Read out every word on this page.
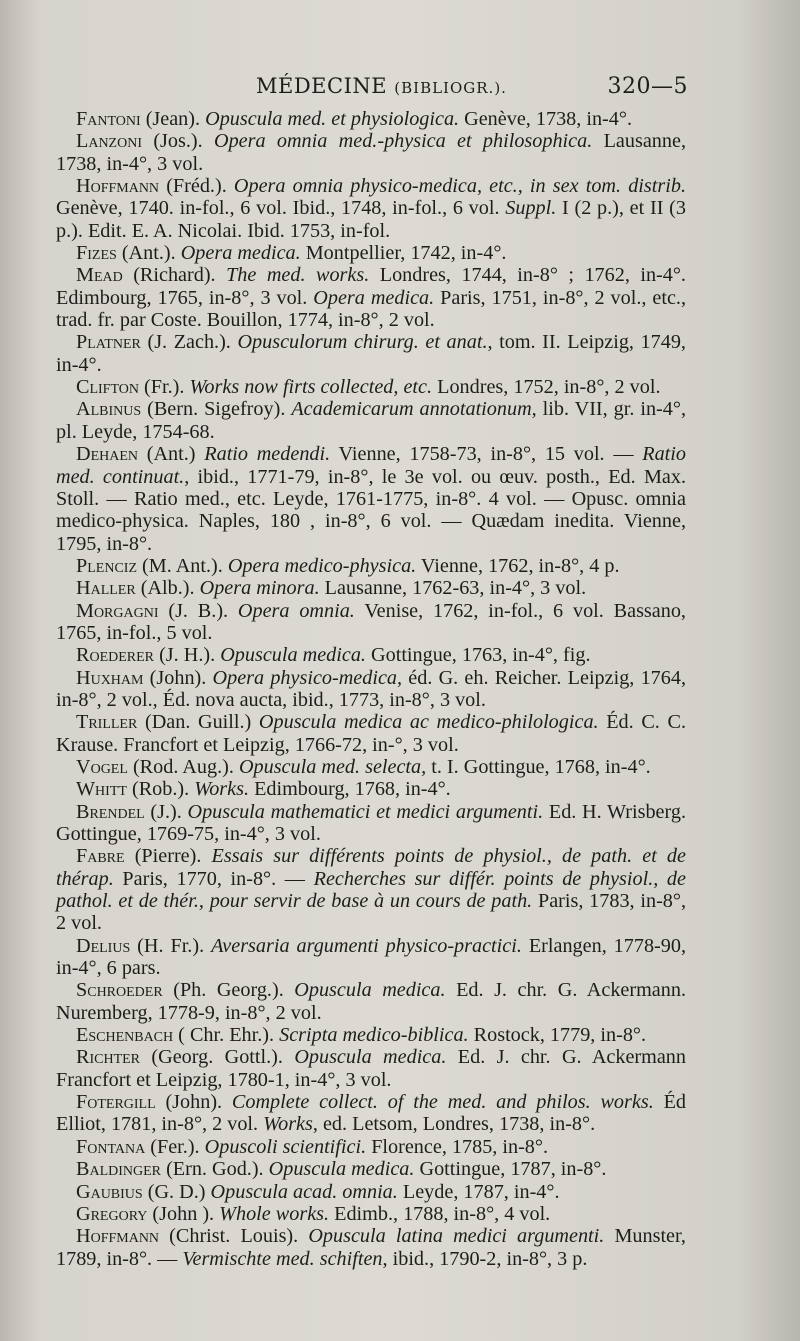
MÉDECINE (BIBLIOGR.).	320—5

Fantoni (Jean). Opuscula med. et physiologica. Genève, 1738, in-4°.

Lanzoni (Jos.). Opera omnia med.-physica et philosophica. Lausanne, 1738, in-4°, 3 vol.

Hoffmann (Fréd.). Opera omnia physico-medica, etc., in sex tom. distrib. Genève, 1740. in-fol., 6 vol. Ibid., 1748, in-fol., 6 vol. Suppl. I (2 p.), et II (3 p.). Edit. E. A. Nicolai. Ibid. 1753, in-fol.

Fizes (Ant.). Opera medica. Montpellier, 1742, in-4°.

Mead (Richard). The med. works. Londres, 1744, in-8° ; 1762, in-4°. Edimbourg, 1765, in-8°, 3 vol. Opera medica. Paris, 1751, in-8°, 2 vol., etc., trad. fr. par Coste. Bouillon, 1774, in-8°, 2 vol.

Platner (J. Zach.). Opusculorum chirurg. et anat., tom. II. Leipzig, 1749, in-4°.

Clifton (Fr.). Works now firts collected, etc. Londres, 1752, in-8°, 2 vol.

Albinus (Bern. Sigefroy). Academicarum annotationum, lib. VII, gr. in-4°, pl. Leyde, 1754-68.

Dehaen (Ant.) Ratio medendi. Vienne, 1758-73, in-8°, 15 vol. — Ratio med. continuat., ibid., 1771-79, in-8°, le 3e vol. ou œuv. posth., Ed. Max. Stoll. — Ratio med., etc. Leyde, 1761-1775, in-8°. 4 vol. — Opusc. omnia medico-physica. Naples, 180 , in-8°, 6 vol. — Quædam inedita. Vienne, 1795, in-8°.

Plenciz (M. Ant.). Opera medico-physica. Vienne, 1762, in-8°, 4 p.

Haller (Alb.). Opera minora. Lausanne, 1762-63, in-4°, 3 vol.

Morgagni (J. B.). Opera omnia. Venise, 1762, in-fol., 6 vol. Bassano, 1765, in-fol., 5 vol.

Roederer (J. H.). Opuscula medica. Gottingue, 1763, in-4°, fig.

Huxham (John). Opera physico-medica, éd. G. eh. Reicher. Leipzig, 1764, in-8°, 2 vol., Éd. nova aucta, ibid., 1773, in-8°, 3 vol.

Triller (Dan. Guill.) Opuscula medica ac medico-philologica. Éd. C. C. Krause. Francfort et Leipzig, 1766-72, in-°, 3 vol.

Vogel (Rod. Aug.). Opuscula med. selecta, t. I. Gottingue, 1768, in-4°.

Whitt (Rob.). Works. Edimbourg, 1768, in-4°.

Brendel (J.). Opuscula mathematici et medici argumenti. Ed. H. Wrisberg. Gottingue, 1769-75, in-4°, 3 vol.

Fabre (Pierre). Essais sur différents points de physiol., de path. et de thérap. Paris, 1770, in-8°. — Recherches sur différ. points de physiol., de pathol. et de thér., pour servir de base à un cours de path. Paris, 1783, in-8°, 2 vol.

Delius (H. Fr.). Aversaria argumenti physico-practici. Erlangen, 1778-90, in-4°, 6 pars.

Schroeder (Ph. Georg.). Opuscula medica. Ed. J. chr. G. Ackermann. Nuremberg, 1778-9, in-8°, 2 vol.

Eschenbach ( Chr. Ehr.). Scripta medico-biblica. Rostock, 1779, in-8°.

Richter (Georg. Gottl.). Opuscula medica. Ed. J. chr. G. Ackermann Francfort et Leipzig, 1780-1, in-4°, 3 vol.

Fotergill (John). Complete collect. of the med. and philos. works. Éd Elliot, 1781, in-8°, 2 vol. Works, ed. Letsom, Londres, 1738, in-8°.

Fontana (Fer.). Opuscoli scientifici. Florence, 1785, in-8°.

Baldinger (Ern. God.). Opuscula medica. Gottingue, 1787, in-8°.

Gaubius (G. D.) Opuscula acad. omnia. Leyde, 1787, in-4°.

Gregory (John ). Whole works. Edimb., 1788, in-8°, 4 vol.

Hoffmann (Christ. Louis). Opuscula latina medici argumenti. Munster, 1789, in-8°. — Vermischte med. schiften, ibid., 1790-2, in-8°, 3 p.
